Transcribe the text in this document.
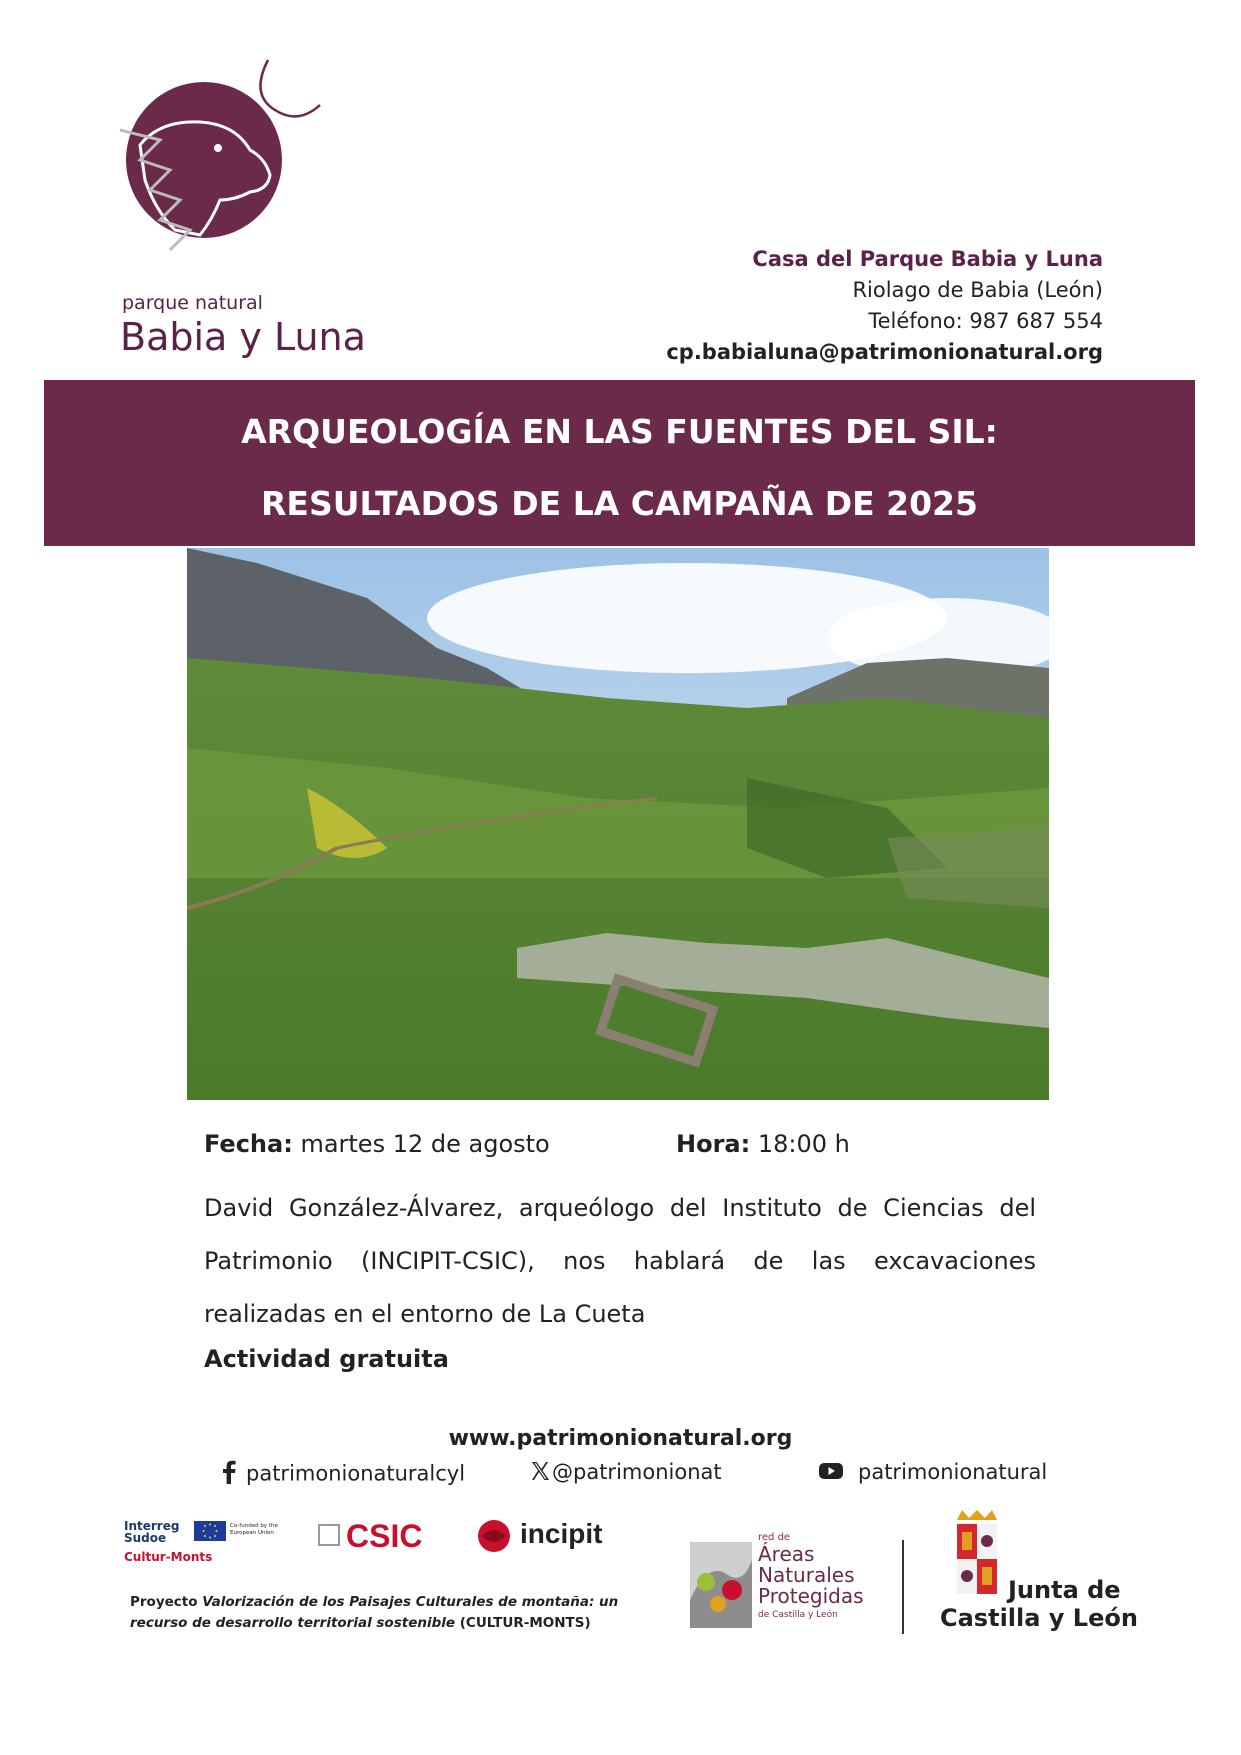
parque natural
Babia y Luna
Casa del Parque Babia y Luna
Riolago de Babia (León)
Teléfono: 987 687 554
cp.babialuna@patrimonionatural.org
ARQUEOLOGÍA EN LAS FUENTES DEL SIL:
RESULTADOS DE LA CAMPAÑA DE 2025
Fecha: martes 12 de agosto	Hora: 18:00 h
David González-Álvarez, arqueólogo del Instituto de Ciencias del Patrimonio (INCIPIT-CSIC), nos hablará de las excavaciones realizadas en el entorno de La Cueta
Actividad gratuita
www.patrimonionatural.org
patrimonionaturalcyl	@patrimonionat	patrimonionatural
Interreg
Sudoe
Co-funded by the European Union
Cultur-Monts
CSIC	incipit	red de
Áreas
Naturales
Protegidas
de Castilla y León
Junta de
Castilla y León
Proyecto Valorización de los Paisajes Culturales de montaña: un recurso de desarrollo territorial sostenible (CULTUR-MONTS)
